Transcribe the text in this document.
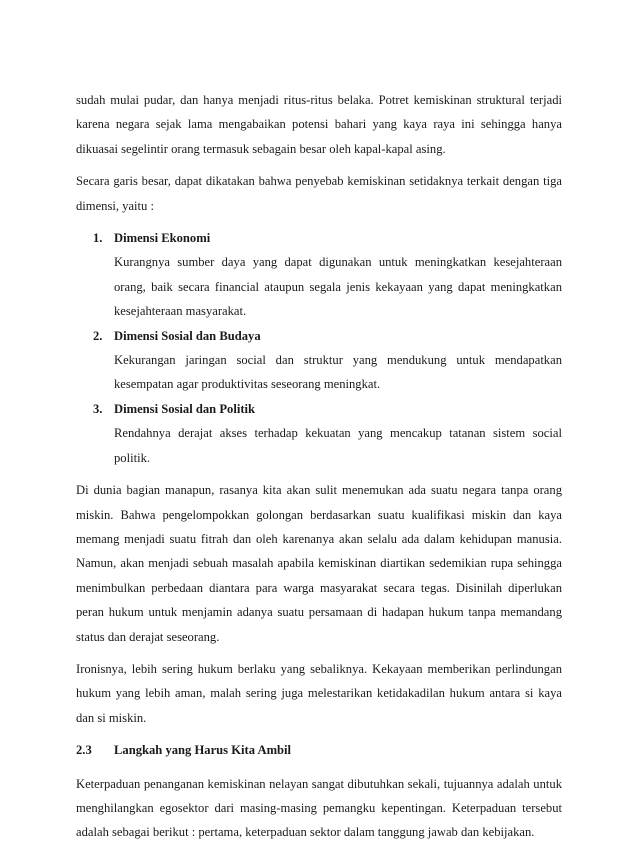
sudah mulai pudar, dan hanya menjadi ritus-ritus belaka. Potret kemiskinan struktural terjadi karena negara sejak lama mengabaikan potensi bahari yang kaya raya ini sehingga hanya dikuasai segelintir orang termasuk sebagain besar oleh kapal-kapal asing.

Secara garis besar, dapat dikatakan bahwa penyebab kemiskinan setidaknya terkait dengan tiga dimensi, yaitu :

1. Dimensi Ekonomi

Kurangnya sumber daya yang dapat digunakan untuk meningkatkan kesejahteraan orang, baik secara financial ataupun segala jenis kekayaan yang dapat meningkatkan kesejahteraan masyarakat.

2. Dimensi Sosial dan Budaya

Kekurangan jaringan social dan struktur yang mendukung untuk mendapatkan kesempatan agar produktivitas seseorang meningkat.

3. Dimensi Sosial dan Politik

Rendahnya derajat akses terhadap kekuatan yang mencakup tatanan sistem social politik.

Di dunia bagian manapun, rasanya kita akan sulit menemukan ada suatu negara tanpa orang miskin. Bahwa pengelompokkan golongan berdasarkan suatu kualifikasi miskin dan kaya memang menjadi suatu fitrah dan oleh karenanya akan selalu ada dalam kehidupan manusia. Namun, akan menjadi sebuah masalah apabila kemiskinan diartikan sedemikian rupa sehingga menimbulkan perbedaan diantara para warga masyarakat secara tegas. Disinilah diperlukan peran hukum untuk menjamin adanya suatu persamaan di hadapan hukum tanpa memandang status dan derajat seseorang.

Ironisnya, lebih sering hukum berlaku yang sebaliknya. Kekayaan memberikan perlindungan hukum yang lebih aman, malah sering juga melestarikan ketidakadilan hukum antara si kaya dan si miskin.

2.3	Langkah yang Harus Kita Ambil

Keterpaduan penanganan kemiskinan nelayan sangat dibutuhkan sekali, tujuannya adalah untuk menghilangkan egosektor dari masing-masing pemangku kepentingan. Keterpaduan tersebut adalah sebagai berikut : pertama, keterpaduan sektor dalam tanggung jawab dan kebijakan.
